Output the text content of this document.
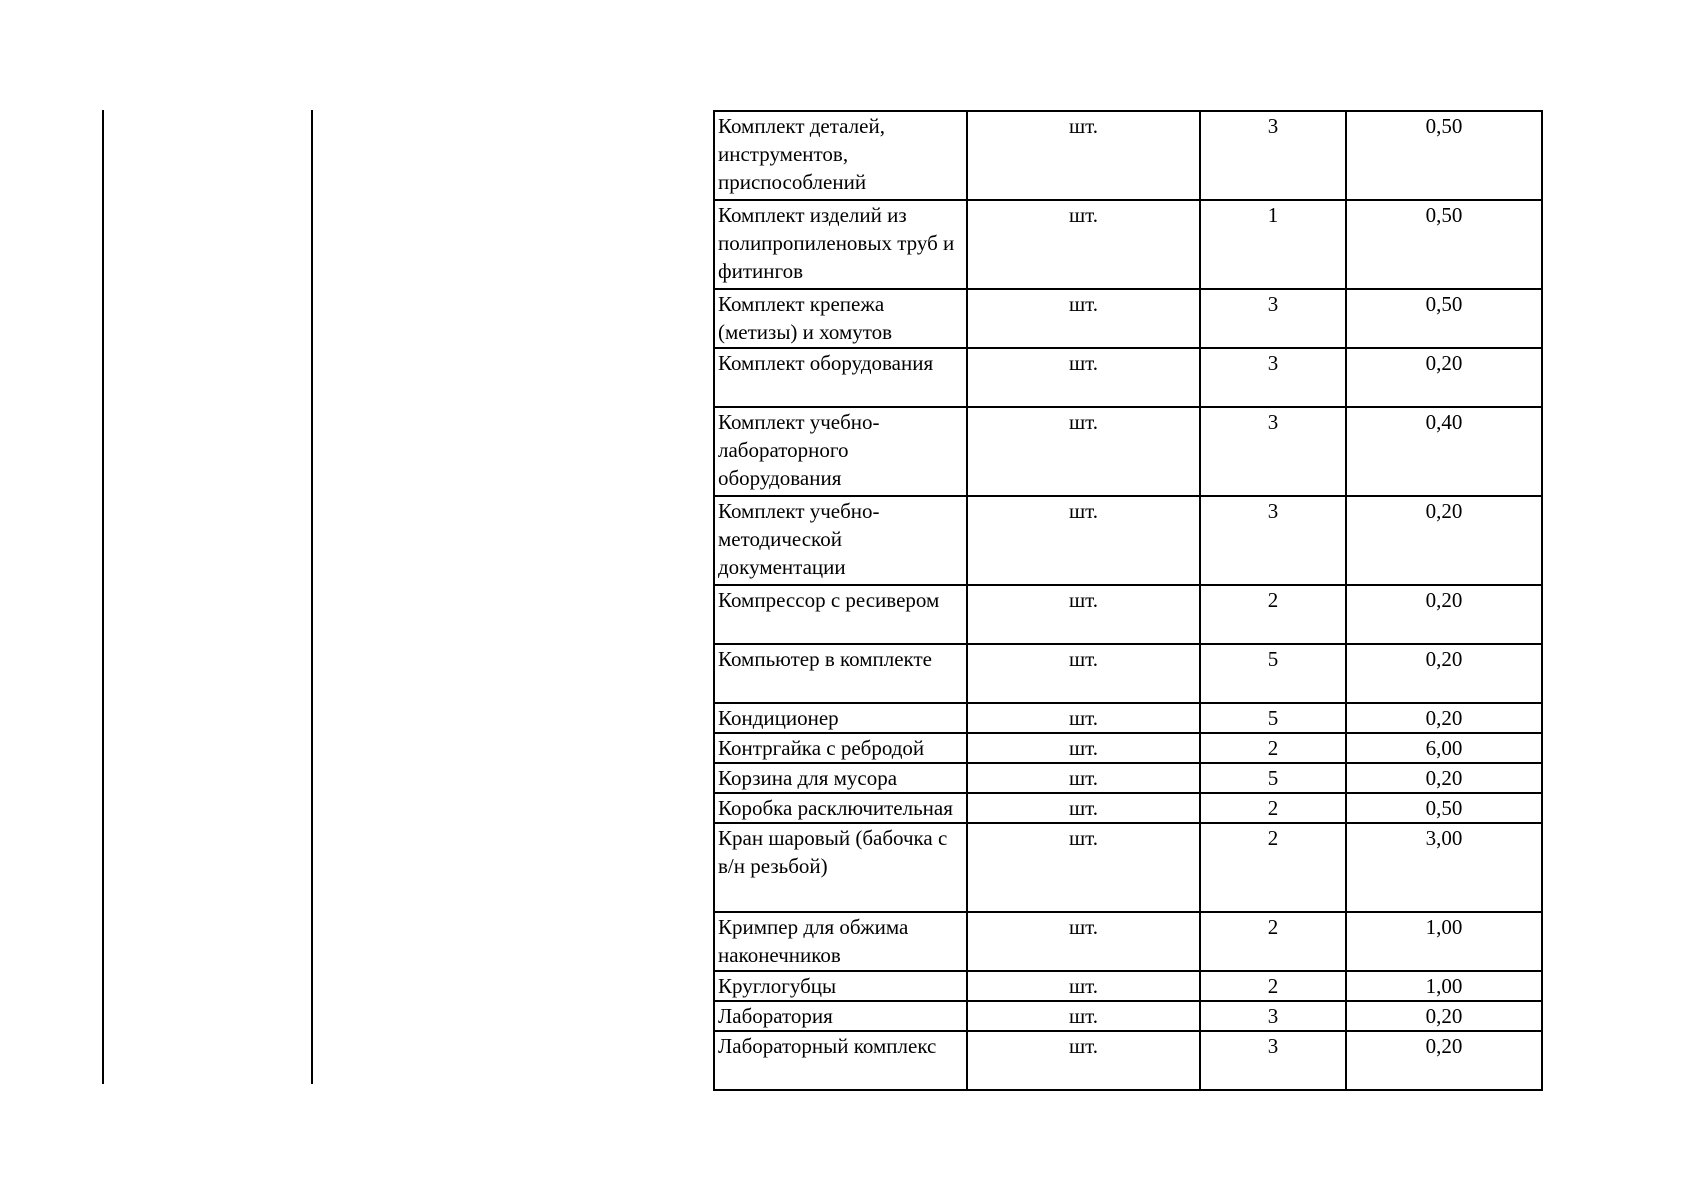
Комплект деталей, инструментов, приспособлений	шт.	3	0,50
Комплект изделий из полипропиленовых труб и фитингов	шт.	1	0,50
Комплект крепежа (метизы) и хомутов	шт.	3	0,50
Комплект оборудования	шт.	3	0,20
Комплект учебно-лабораторного оборудования	шт.	3	0,40
Комплект учебно-методической документации	шт.	3	0,20
Компрессор с ресивером	шт.	2	0,20
Компьютер в комплекте	шт.	5	0,20
Кондиционер	шт.	5	0,20
Контргайка с ребродой	шт.	2	6,00
Корзина для мусора	шт.	5	0,20
Коробка расключительная	шт.	2	0,50
Кран шаровый (бабочка с в/н резьбой)	шт.	2	3,00
Кримпер для обжима наконечников	шт.	2	1,00
Круглогубцы	шт.	2	1,00
Лаборатория	шт.	3	0,20
Лабораторный комплекс	шт.	3	0,20
